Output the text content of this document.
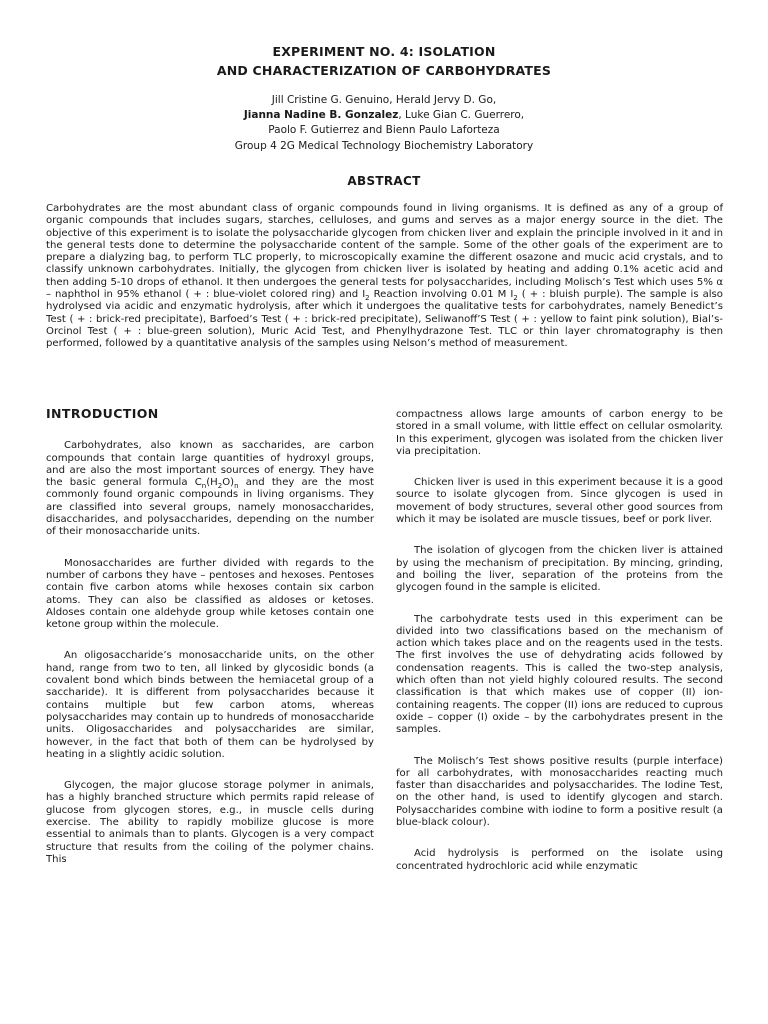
EXPERIMENT NO. 4: ISOLATION
AND CHARACTERIZATION OF CARBOHYDRATES
Jill Cristine G. Genuino, Herald Jervy D. Go,
Jianna Nadine B. Gonzalez, Luke Gian C. Guerrero,
Paolo F. Gutierrez and Bienn Paulo Laforteza
Group 4 2G Medical Technology Biochemistry Laboratory
ABSTRACT
Carbohydrates are the most abundant class of organic compounds found in living organisms. It is defined as any of a group of organic compounds that includes sugars, starches, celluloses, and gums and serves as a major energy source in the diet. The objective of this experiment is to isolate the polysaccharide glycogen from chicken liver and explain the principle involved in it and in the general tests done to determine the polysaccharide content of the sample. Some of the other goals of the experiment are to prepare a dialyzing bag, to perform TLC properly, to microscopically examine the different osazone and mucic acid crystals, and to classify unknown carbohydrates. Initially, the glycogen from chicken liver is isolated by heating and adding 0.1% acetic acid and then adding 5-10 drops of ethanol. It then undergoes the general tests for polysaccharides, including Molisch’s Test which uses 5% α – naphthol in 95% ethanol ( + : blue-violet colored ring) and $I_2$ Reaction involving 0.01 M $I_2$ ( + : bluish purple). The sample is also hydrolysed via acidic and enzymatic hydrolysis, after which it undergoes the qualitative tests for carbohydrates, namely Benedict’s Test ( + : brick-red precipitate), Barfoed’s Test ( + : brick-red precipitate), Seliwanoff’S Test ( + : yellow to faint pink solution), Bial’s-Orcinol Test ( + : blue-green solution), Muric Acid Test, and Phenylhydrazone Test. TLC or thin layer chromatography is then performed, followed by a quantitative analysis of the samples using Nelson’s method of measurement.
INTRODUCTION

Carbohydrates, also known as saccharides, are carbon compounds that contain large quantities of hydroxyl groups, and are also the most important sources of energy. They have the basic general formula $C_n(H_2O)_n$ and they are the most commonly found organic compounds in living organisms. They are classified into several groups, namely monosaccharides, disaccharides, and polysaccharides, depending on the number of their monosaccharide units.

Monosaccharides are further divided with regards to the number of carbons they have – pentoses and hexoses. Pentoses contain five carbon atoms while hexoses contain six carbon atoms. They can also be classified as aldoses or ketoses. Aldoses contain one aldehyde group while ketoses contain one ketone group within the molecule.

An oligosaccharide’s monosaccharide units, on the other hand, range from two to ten, all linked by glycosidic bonds (a covalent bond which binds between the hemiacetal group of a saccharide). It is different from polysaccharides because it contains multiple but few carbon atoms, whereas polysaccharides may contain up to hundreds of monosaccharide units. Oligosaccharides and polysaccharides are similar, however, in the fact that both of them can be hydrolysed by heating in a slightly acidic solution.

Glycogen, the major glucose storage polymer in animals, has a highly branched structure which permits rapid release of glucose from glycogen stores, e.g., in muscle cells during exercise. The ability to rapidly mobilize glucose is more essential to animals than to plants. Glycogen is a very compact structure that results from the coiling of the polymer chains. This

compactness allows large amounts of carbon energy to be stored in a small volume, with little effect on cellular osmolarity. In this experiment, glycogen was isolated from the chicken liver via precipitation.

Chicken liver is used in this experiment because it is a good source to isolate glycogen from. Since glycogen is used in movement of body structures, several other good sources from which it may be isolated are muscle tissues, beef or pork liver.

The isolation of glycogen from the chicken liver is attained by using the mechanism of precipitation. By mincing, grinding, and boiling the liver, separation of the proteins from the glycogen found in the sample is elicited.

The carbohydrate tests used in this experiment can be divided into two classifications based on the mechanism of action which takes place and on the reagents used in the tests. The first involves the use of dehydrating acids followed by condensation reagents. This is called the two-step analysis, which often than not yield highly coloured results. The second classification is that which makes use of copper (II) ion-containing reagents. The copper (II) ions are reduced to cuprous oxide – copper (I) oxide – by the carbohydrates present in the samples.

The Molisch’s Test shows positive results (purple interface) for all carbohydrates, with monosaccharides reacting much faster than disaccharides and polysaccharides. The Iodine Test, on the other hand, is used to identify glycogen and starch. Polysaccharides combine with iodine to form a positive result (a blue-black colour).

Acid hydrolysis is performed on the isolate using concentrated hydrochloric acid while enzymatic
